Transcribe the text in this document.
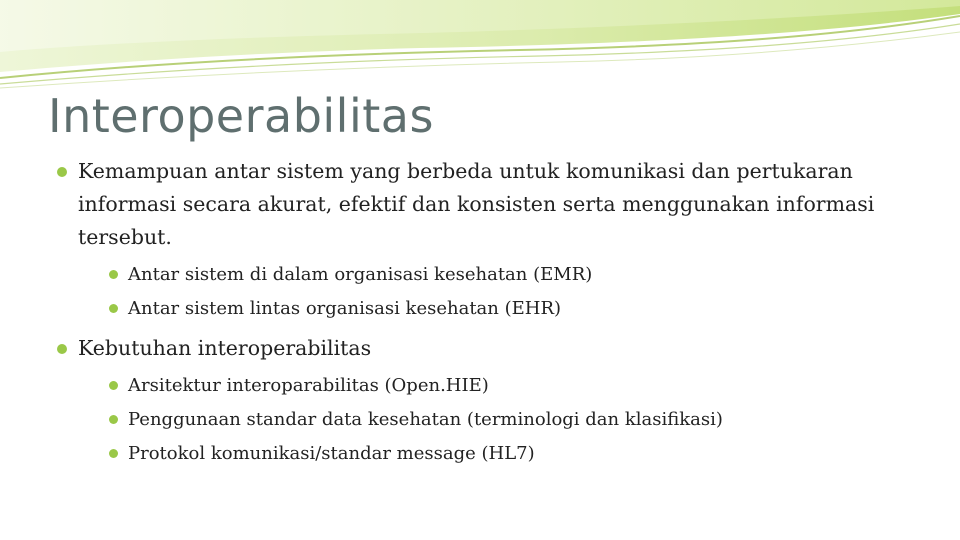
Interoperabilitas
Kemampuan antar sistem yang berbeda untuk komunikasi dan pertukaran informasi secara akurat, efektif dan konsisten serta menggunakan informasi tersebut.
Antar sistem di dalam organisasi kesehatan (EMR)
Antar sistem lintas organisasi kesehatan (EHR)
Kebutuhan interoperabilitas
Arsitektur interoparabilitas (Open.HIE)
Penggunaan standar data kesehatan (terminologi dan klasifikasi)
Protokol komunikasi/standar message (HL7)
